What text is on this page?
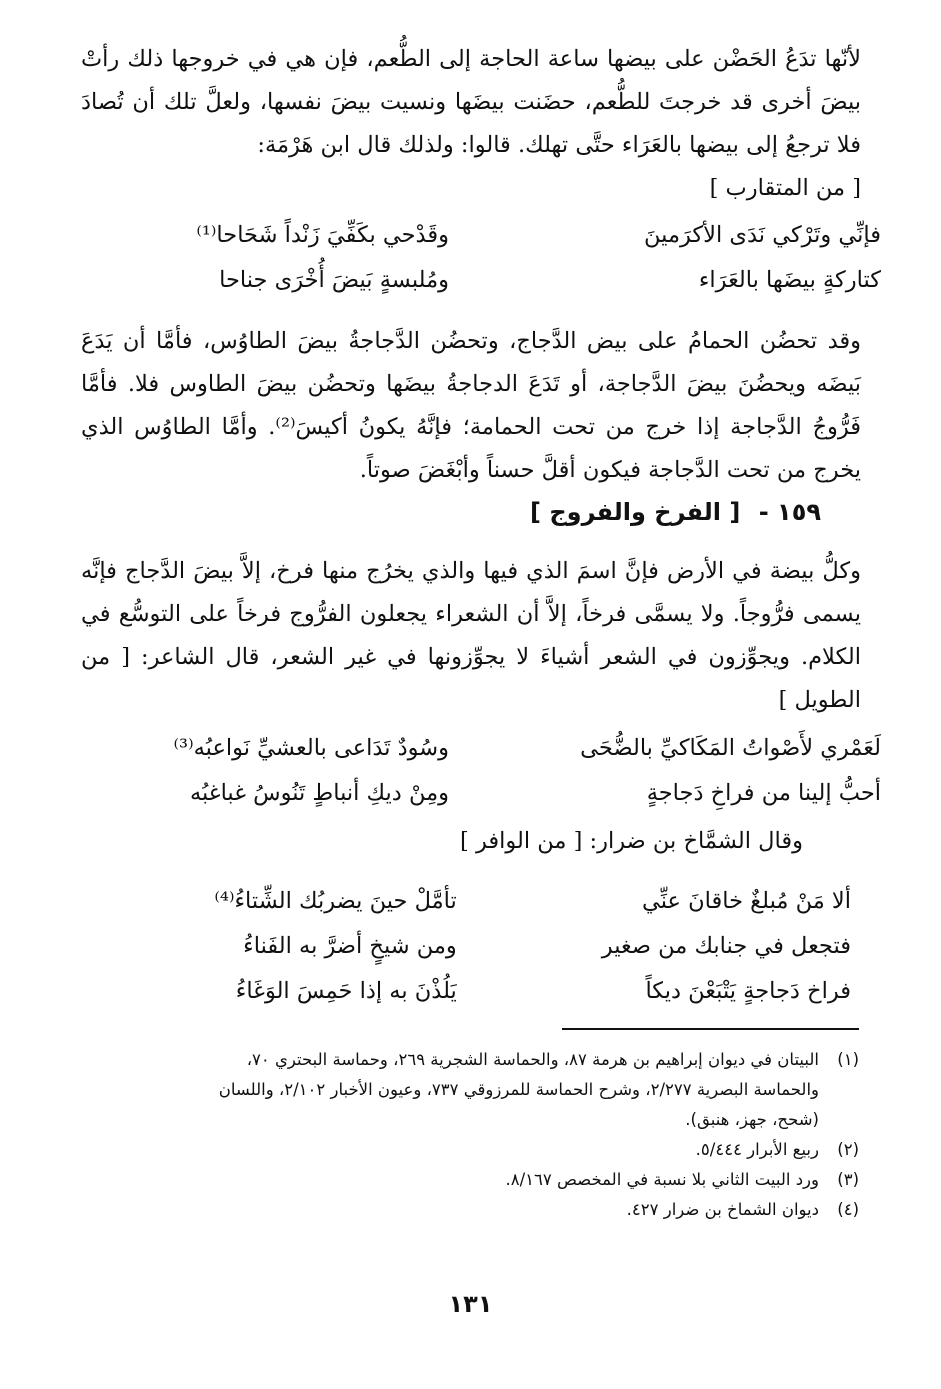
لأنّها تدَعُ الحَضْن على بيضها ساعة الحاجة إلى الطُّعم، فإن هي في خروجها ذلك رأتْ بيضَ أخرى قد خرجتَ للطُّعم، حضَنت بيضَها ونسيت بيضَ نفسها، ولعلَّ تلك أن تُصادَ فلا ترجعُ إلى بيضها بالعَرَاء حتَّى تهلك. قالوا: ولذلك قال ابن هَرْمَة:

[ من المتقارب ]
فإنِّي وتَرْكي نَدَى الأكرَمينَ
وقَدْحي بكَفِّيَ زَنْداً شَحَاحا⁽¹⁾
كتاركةٍ بيضَها بالعَرَاء
ومُلبسةٍ بَيضَ أُخْرَى جناحا

وقد تحضُن الحمامُ على بيض الدَّجاج، وتحضُن الدَّجاجةُ بيضَ الطاوُس، فأمَّا أن يَدَعَ بَيضَه ويحضُنَ بيضَ الدَّجاجة، أو تَدَعَ الدجاجةُ بيضَها وتحضُن بيضَ الطاوس فلا. فأمَّا فَرُّوجُ الدَّجاجة إذا خرج من تحت الحمامة؛ فإنَّهُ يكونُ أكيسَ⁽²⁾. وأمَّا الطاوُس الذي يخرج من تحت الدَّجاجة فيكون أقلَّ حسناً وأبْغَضَ صوتاً.

١٥٩ - [ الفرخ والفروج ]

وكلُّ بيضة في الأرض فإنَّ اسمَ الذي فيها والذي يخرُج منها فرخ، إلاَّ بيضَ الدَّجاج فإنَّه يسمى فرُّوجاً. ولا يسمَّى فرخاً، إلاَّ أن الشعراء يجعلون الفرُّوج فرخاً على التوسُّع في الكلام. ويجوِّزون في الشعر أشياءَ لا يجوِّزونها في غير الشعر، قال الشاعر: [ من الطويل ]

لَعَمْري لأَصْواتُ المَكَاكيِّ بالضُّحَى
وسُودٌ تَدَاعى بالعشيِّ نَواعبُه⁽³⁾
أحبُّ إلينا من فراخِ دَجاجةٍ
ومِنْ ديكِ أنباطٍ تَنُوسُ غباغبُه
وقال الشمَّاخ بن ضرار: [ من الوافر ]
ألا مَنْ مُبلغٌ خاقانَ عنِّي
تأمَّلْ حينَ يضربُك الشِّتاءُ⁽⁴⁾
فتجعل في جنابك من صغير
ومن شيخٍ أضرَّ به الفَناءُ
فراخ دَجاجةٍ يَتْبَعْنَ ديكاً
يَلُذْنَ به إذا حَمِسَ الوَغَاءُ
(١)
البيتان في ديوان إبراهيم بن هرمة ٨٧، والحماسة الشجرية ٢٦٩، وحماسة البحتري ٧٠،
والحماسة البصرية ٢/٢٧٧، وشرح الحماسة للمرزوقي ٧٣٧، وعيون الأخبار ٢/١٠٢، واللسان
(شحح، جهز، هنبق).
(٢)
ربيع الأبرار ٥/٤٤٤.
(٣)
ورد البيت الثاني بلا نسبة في المخصص ٨/١٦٧.
(٤)
ديوان الشماخ بن ضرار ٤٢٧.
١٣١
